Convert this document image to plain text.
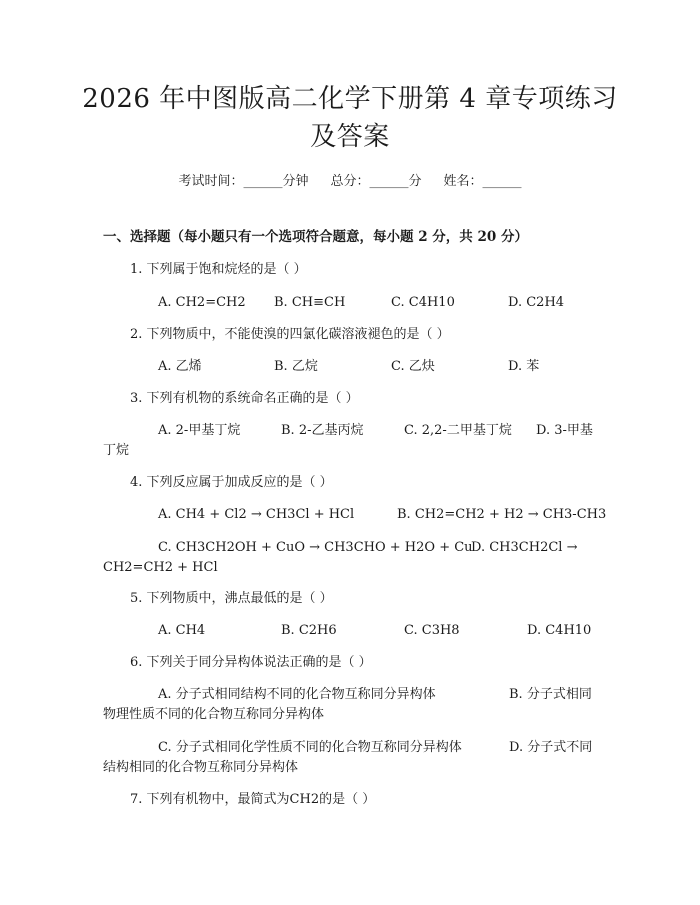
2026 年中图版高二化学下册第 4 章专项练习
及答案
考试时间：______分钟 总分：______分 姓名：______
一、选择题（每小题只有一个选项符合题意，每小题 2 分，共 20 分）
1. 下列属于饱和烷烃的是（ ）
A. CH2=CH2 B. CH≡CH	C. C4H10	D. C2H4
2. 下列物质中，不能使溴的四氯化碳溶液褪色的是（ ）
A. 乙烯	B. 乙烷	C. 乙炔	D. 苯
3. 下列有机物的系统命名正确的是（ ）
A. 2-甲基丁烷	B. 2-乙基丙烷	C. 2,2-二甲基丁烷 D. 3-甲基
丁烷
4. 下列反应属于加成反应的是（ ）
A. CH4 + Cl2 → CH3Cl + HCl	B. CH2=CH2 + H2 → CH3-CH3
C. CH3CH2OH + CuO → CH3CHO + H2O + Cu
D. CH3CH2Cl →
CH2=CH2 + HCl
5. 下列物质中，沸点最低的是（ ）
A. CH4	B. C2H6	C. C3H8	D. C4H10
6. 下列关于同分异构体说法正确的是（ ）
A. 分子式相同结构不同的化合物互称同分异构体	B. 分子式相同
物理性质不同的化合物互称同分异构体
C. 分子式相同化学性质不同的化合物互称同分异构体	D. 分子式不同
结构相同的化合物互称同分异构体
7. 下列有机物中，最简式为CH2的是（ ）
